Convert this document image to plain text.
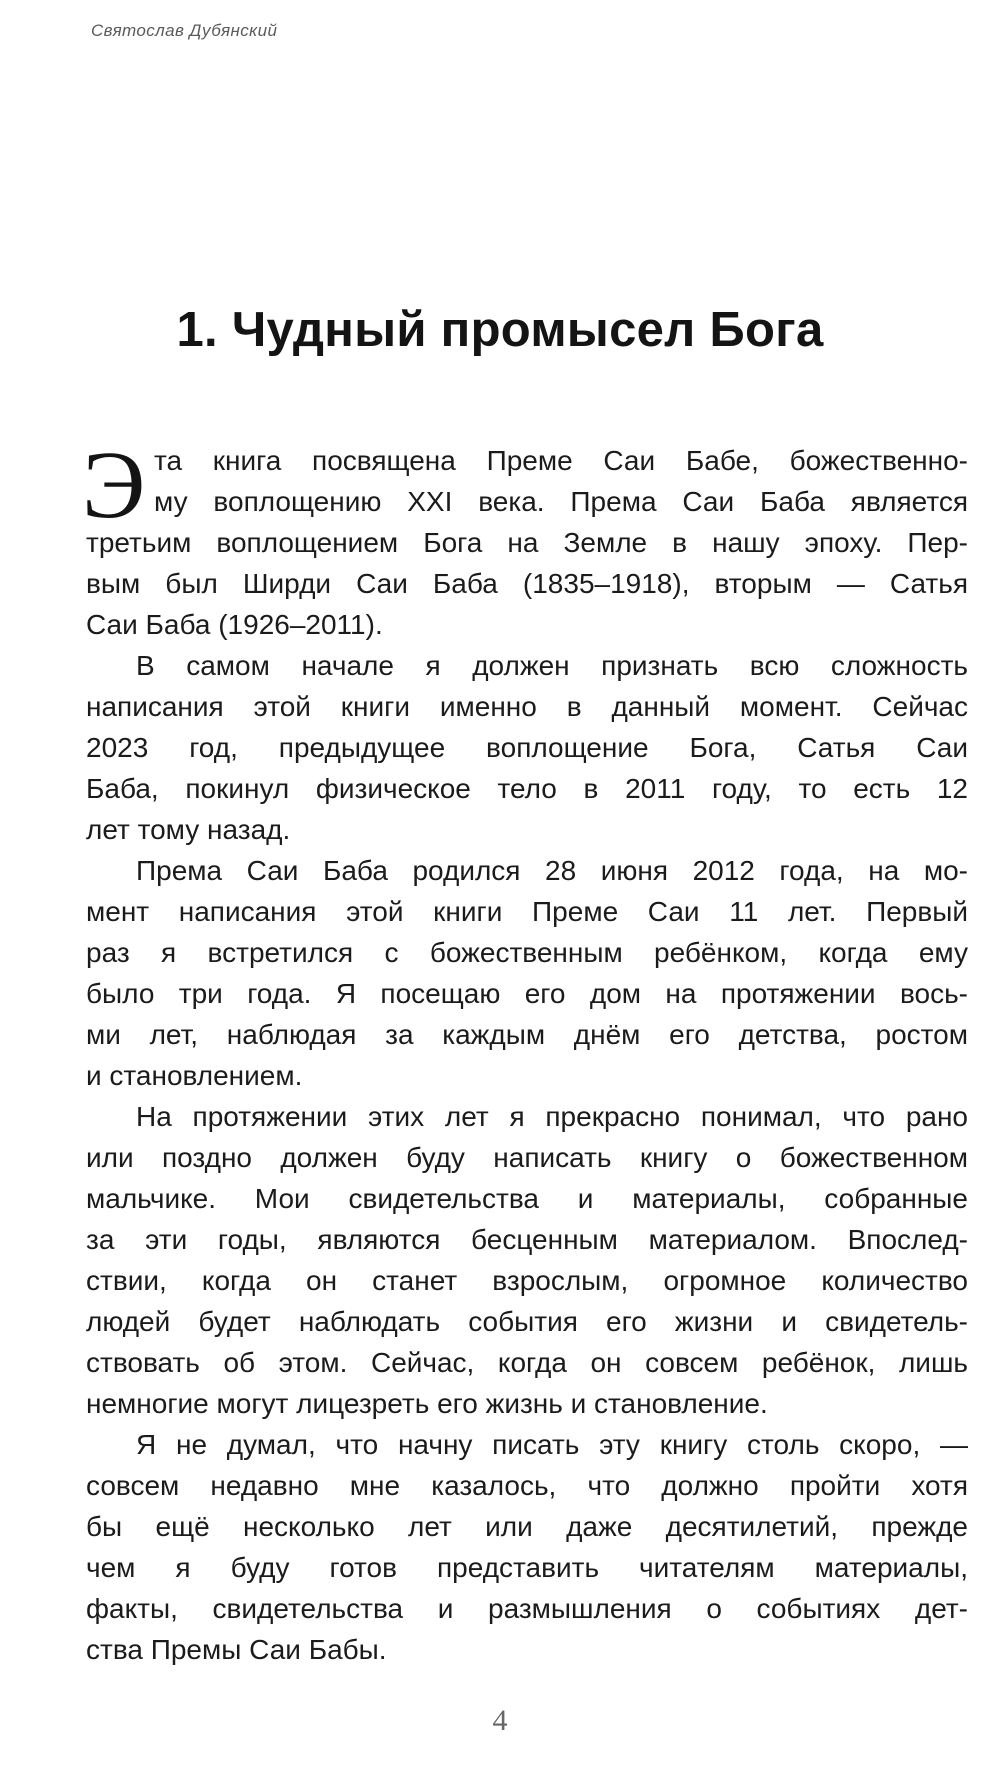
Святослав Дубянский
1. Чудный промысел Бога
Э та книга посвящена Преме Саи Бабе, божественно-
му воплощению XXI века. Према Саи Баба является
третьим воплощением Бога на Земле в нашу эпоху. Пер-
вым был Ширди Саи Баба (1835–1918), вторым — Сатья
Саи Баба (1926–2011).
В самом начале я должен признать всю сложность
написания этой книги именно в данный момент. Сейчас
2023 год, предыдущее воплощение Бога, Сатья Саи
Баба, покинул физическое тело в 2011 году, то есть 12
лет тому назад.
Према Саи Баба родился 28 июня 2012 года, на мо-
мент написания этой книги Преме Саи 11 лет. Первый
раз я встретился с божественным ребёнком, когда ему
было три года. Я посещаю его дом на протяжении вось-
ми лет, наблюдая за каждым днём его детства, ростом
и становлением.
На протяжении этих лет я прекрасно понимал, что рано
или поздно должен буду написать книгу о божественном
мальчике. Мои свидетельства и материалы, собранные
за эти годы, являются бесценным материалом. Впослед-
ствии, когда он станет взрослым, огромное количество
людей будет наблюдать события его жизни и свидетель-
ствовать об этом. Сейчас, когда он совсем ребёнок, лишь
немногие могут лицезреть его жизнь и становление.
Я не думал, что начну писать эту книгу столь скоро, —
совсем недавно мне казалось, что должно пройти хотя
бы ещё несколько лет или даже десятилетий, прежде
чем я буду готов представить читателям материалы,
факты, свидетельства и размышления о событиях дет-
ства Премы Саи Бабы.
4
